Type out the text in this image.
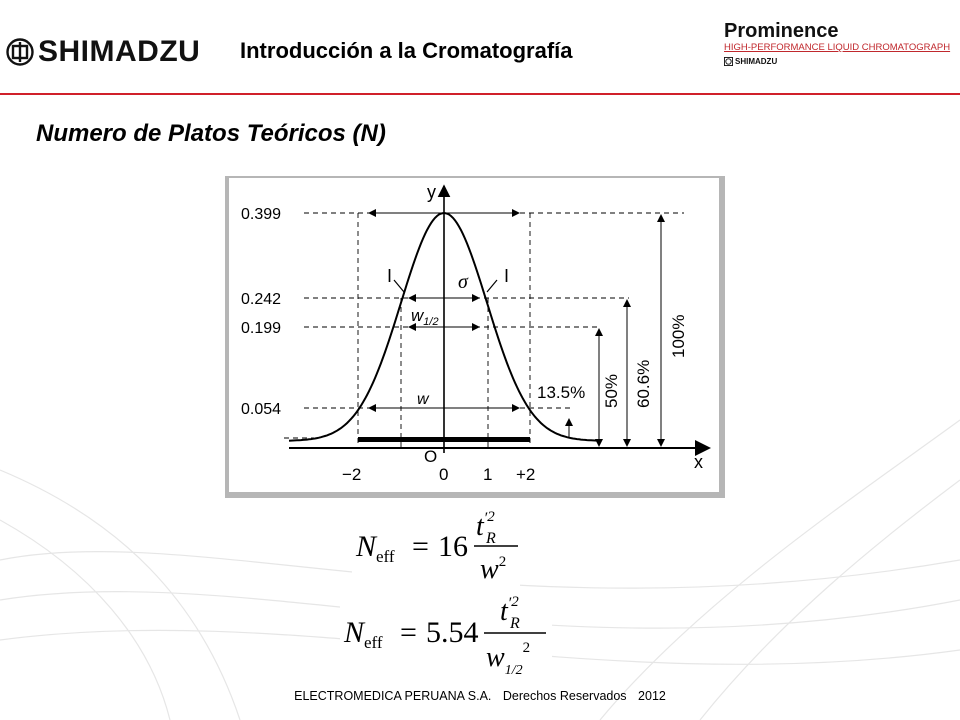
SHIMADZU Introducción a la Cromatografía
Prominence
HIGH-PERFORMANCE LIQUID CHROMATOGRAPH
SHIMADZU
Numero de Platos Teóricos (N)
0.399
0.242
0.199
0.054
−2	0 1 +2
y
x
O
I	I
σ
$w_{1/2}$
w	13.5% 50% 60.6%
100%
$N_{eff} = 16$
t′2
R
$w^2$
$N_{eff} = 5.54$
t′2
R
$w_{1/2}^2$
ELECTROMEDICA PERUANA S.A. Derechos Reservados 2012
